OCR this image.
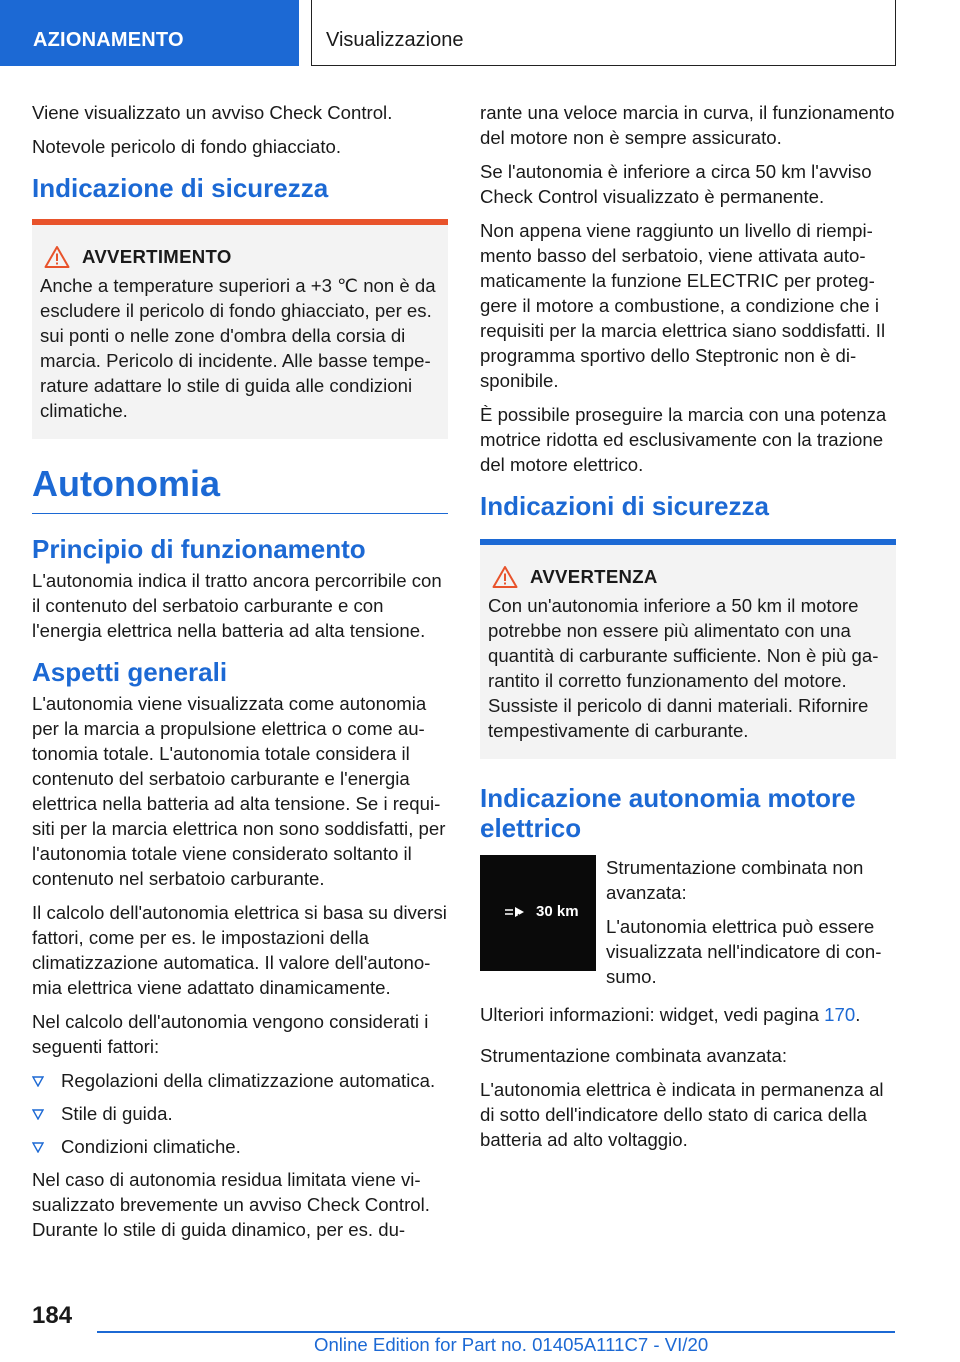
AZIONAMENTO	Visualizzazione

Viene visualizzato un avviso Check Control.

Notevole pericolo di fondo ghiacciato.

Indicazione di sicurezza
AVVERTIMENTO

Anche a temperature superiori a +3 ℃ non è da escludere il pericolo di fondo ghiacciato, per es. sui ponti o nelle zone d'ombra della corsia di marcia. Pericolo di incidente. Alle basse temperature adattare lo stile di guida alle condizioni climatiche.

Autonomia
Principio di funzionamento

L'autonomia indica il tratto ancora percorribile con il contenuto del serbatoio carburante e con l'energia elettrica nella batteria ad alta tensione.

Aspetti generali

L'autonomia viene visualizzata come autonomia per la marcia a propulsione elettrica o come autonomia totale. L'autonomia totale considera il contenuto del serbatoio carburante e l'energia elettrica nella batteria ad alta tensione. Se i requisiti per la marcia elettrica non sono soddisfatti, per l'autonomia totale viene considerato soltanto il contenuto nel serbatoio carburante.

Il calcolo dell'autonomia elettrica si basa su diversi fattori, come per es. le impostazioni della climatizzazione automatica. Il valore dell'autonomia elettrica viene adattato dinamicamente.

Nel calcolo dell'autonomia vengono considerati i seguenti fattori:

Regolazioni della climatizzazione automatica.
Stile di guida.
Condizioni climatiche.

Nel caso di autonomia residua limitata viene visualizzato brevemente un avviso Check Control. Durante lo stile di guida dinamico, per es. du-

rante una veloce marcia in curva, il funzionamento del motore non è sempre assicurato.

Se l'autonomia è inferiore a circa 50 km l'avviso Check Control visualizzato è permanente.

Non appena viene raggiunto un livello di riempimento basso del serbatoio, viene attivata automaticamente la funzione ELECTRIC per proteggere il motore a combustione, a condizione che i requisiti per la marcia elettrica siano soddisfatti. Il programma sportivo dello Steptronic non è disponibile.

È possibile proseguire la marcia con una potenza motrice ridotta ed esclusivamente con la trazione del motore elettrico.

Indicazioni di sicurezza
AVVERTENZA

Con un'autonomia inferiore a 50 km il motore potrebbe non essere più alimentato con una quantità di carburante sufficiente. Non è più garantito il corretto funzionamento del motore. Sussiste il pericolo di danni materiali. Rifornire tempestivamente di carburante.

Indicazione autonomia motore elettrico
30 km

Strumentazione combinata non avanzata:

L'autonomia elettrica può essere visualizzata nell'indicatore di consumo.

Ulteriori informazioni: widget, vedi pagina 170.

Strumentazione combinata avanzata:

L'autonomia elettrica è indicata in permanenza al di sotto dell'indicatore dello stato di carica della batteria ad alto voltaggio.

184
Online Edition for Part no. 01405A111C7 - VI/20
